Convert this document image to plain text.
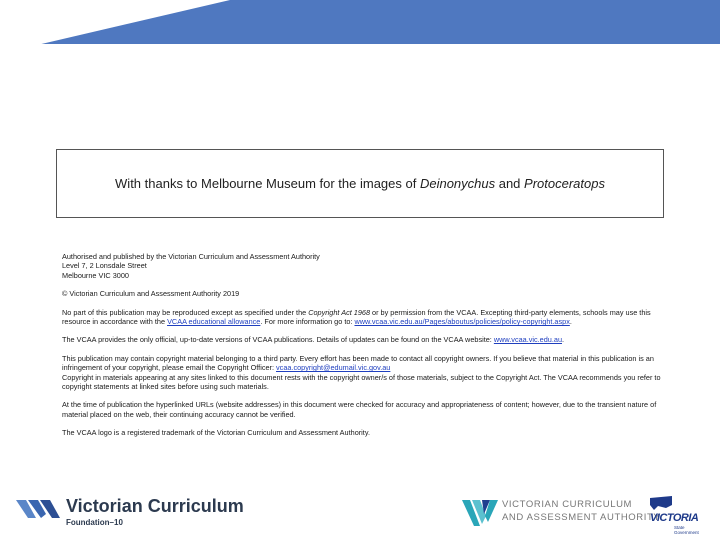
With thanks to Melbourne Museum for the images of Deinonychus and Protoceratops

Authorised and published by the Victorian Curriculum and Assessment Authority
Level 7, 2 Lonsdale Street
Melbourne VIC 3000

© Victorian Curriculum and Assessment Authority 2019

No part of this publication may be reproduced except as specified under the Copyright Act 1968 or by permission from the VCAA. Excepting third-party elements, schools may use this resource in accordance with the VCAA educational allowance. For more information go to: www.vcaa.vic.edu.au/Pages/aboutus/policies/policy-copyright.aspx.

The VCAA provides the only official, up-to-date versions of VCAA publications. Details of updates can be found on the VCAA website: www.vcaa.vic.edu.au.

This publication may contain copyright material belonging to a third party. Every effort has been made to contact all copyright owners. If you believe that material in this publication is an infringement of your copyright, please email the Copyright Officer: vcaa.copyright@edumail.vic.gov.au
Copyright in materials appearing at any sites linked to this document rests with the copyright owner/s of those materials, subject to the Copyright Act. The VCAA recommends you refer to copyright statements at linked sites before using such materials.

At the time of publication the hyperlinked URLs (website addresses) in this document were checked for accuracy and appropriateness of content; however, due to the transient nature of material placed on the web, their continuing accuracy cannot be verified.

The VCAA logo is a registered trademark of the Victorian Curriculum and Assessment Authority.

Victorian Curriculum
Foundation–10
VICTORIAN CURRICULUM
AND ASSESSMENT AUTHORITY
VICTORIA
State
Government
